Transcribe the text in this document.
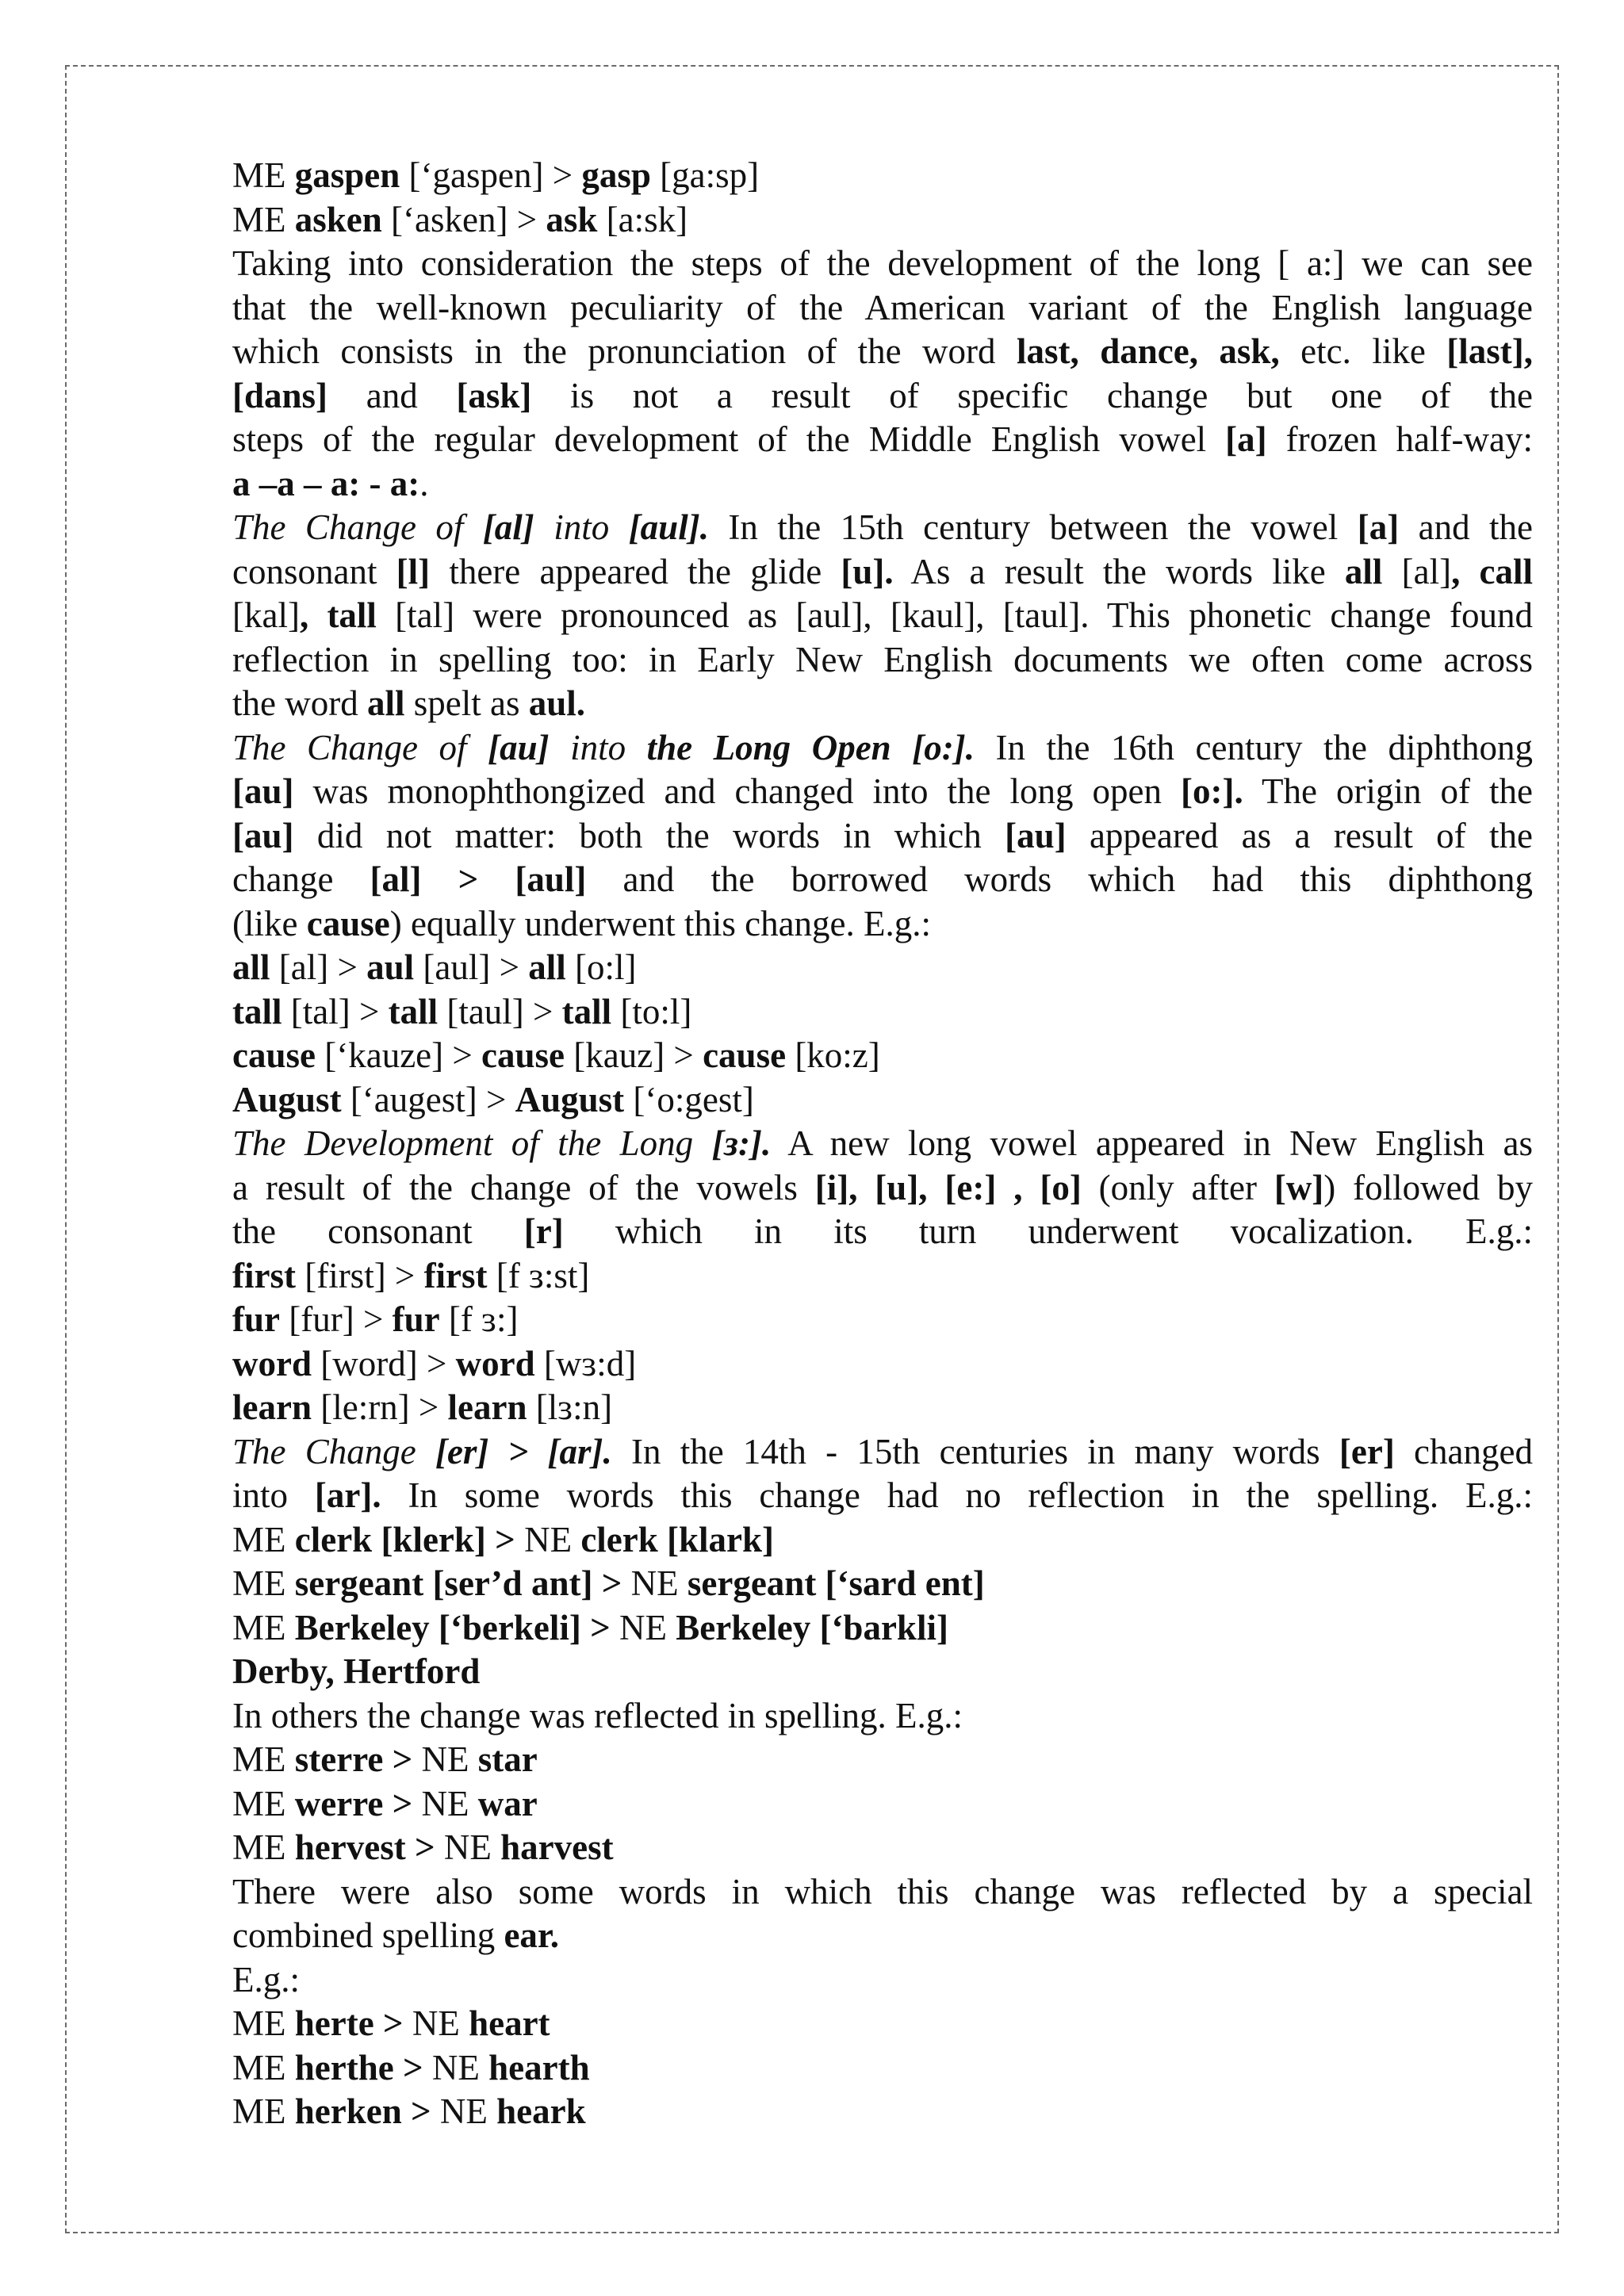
ME gaspen [‘gaspen] > gasp [ga:sp]
ME asken [‘asken] > ask [a:sk]
Taking into consideration the steps of the development of the long [ a:] we can see
that the well-known peculiarity of the American variant of the English language
which consists in the pronunciation of the word last, dance, ask, etc. like [last],
[dans] and [ask] is not a result of specific change but one of the
steps of the regular development of the Middle English vowel [a] frozen half-way:
a –a – a: - a:.
The Change of [al] into [aul]. In the 15th century between the vowel [a] and the
consonant [l] there appeared the glide [u]. As a result the words like all [al], call
[kal], tall [tal] were pronounced as [aul], [kaul], [taul]. This phonetic change found
reflection in spelling too: in Early New English documents we often come across
the word all spelt as aul.
The Change of [au] into the Long Open [o:]. In the 16th century the diphthong
[au] was monophthongized and changed into the long open [o:]. The origin of the
[au] did not matter: both the words in which [au] appeared as a result of the
change [al] > [aul] and the borrowed words which had this diphthong
(like cause) equally underwent this change. E.g.:
all [al] > aul [aul] > all [o:l]
tall [tal] > tall [taul] > tall [to:l]
cause [‘kauze] > cause [kauz] > cause [ko:z]
August [‘augest] > August [‘o:gest]
The Development of the Long [ɜ:]. A new long vowel appeared in New English as
a result of the change of the vowels [i], [u], [e:] , [o] (only after [w]) followed by
the consonant [r] which in its turn underwent vocalization. E.g.:
first [first] > first [f ɜ:st]
fur [fur] > fur [f ɜ:]
word [word] > word [wɜ:d]
learn [le:rn] > learn [lɜ:n]
The Change [er] > [ar]. In the 14th - 15th centuries in many words [er] changed
into [ar]. In some words this change had no reflection in the spelling. E.g.:
ME clerk [klerk] > NE clerk [klark]
ME sergeant [ser’d ant] > NE sergeant [‘sard ent]
ME Berkeley [‘berkeli] > NE Berkeley [‘barkli]
Derby, Hertford
In others the change was reflected in spelling. E.g.:
ME sterre > NE star
ME werre > NE war
ME hervest > NE harvest
There were also some words in which this change was reflected by a special
combined spelling ear.
E.g.:
ME herte > NE heart
ME herthe > NE hearth
ME herken > NE heark
